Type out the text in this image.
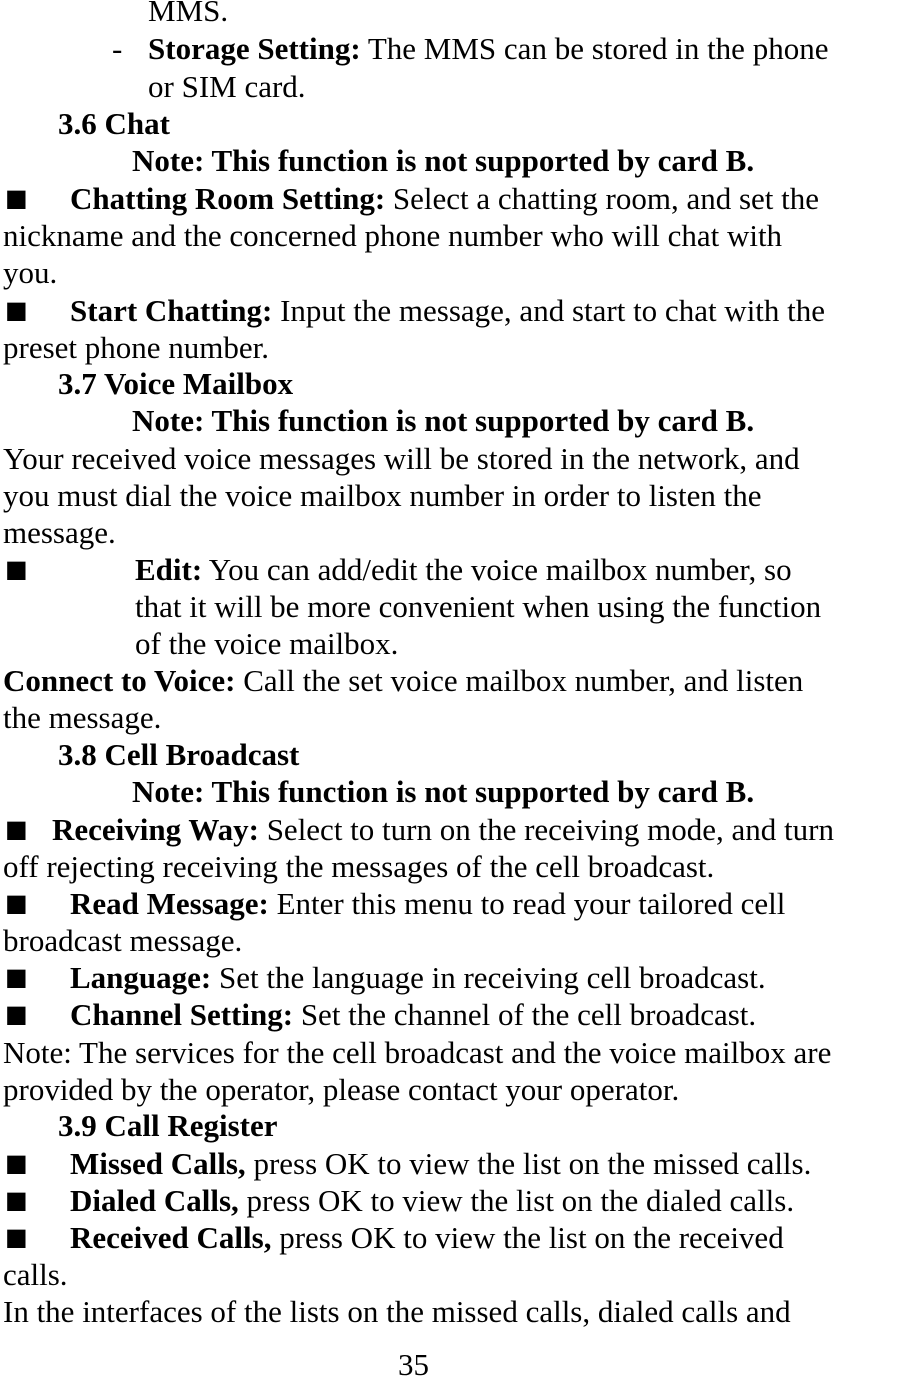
MMS.
- Storage Setting: The MMS can be stored in the phone
or SIM card.
3.6 Chat
Note: This function is not supported by card B.
■ Chatting Room Setting: Select a chatting room, and set the
nickname and the concerned phone number who will chat with
you.
■ Start Chatting: Input the message, and start to chat with the
preset phone number.
3.7 Voice Mailbox
Note: This function is not supported by card B.
Your received voice messages will be stored in the network, and
you must dial the voice mailbox number in order to listen the
message.
■	Edit: You can add/edit the voice mailbox number, so
that it will be more convenient when using the function
of the voice mailbox.
Connect to Voice: Call the set voice mailbox number, and listen
the message.
3.8 Cell Broadcast
Note: This function is not supported by card B.
■ Receiving Way: Select to turn on the receiving mode, and turn
off rejecting receiving the messages of the cell broadcast.
■ Read Message: Enter this menu to read your tailored cell
broadcast message.
■ Language: Set the language in receiving cell broadcast.
■ Channel Setting: Set the channel of the cell broadcast.
Note: The services for the cell broadcast and the voice mailbox are
provided by the operator, please contact your operator.
3.9 Call Register
■ Missed Calls, press OK to view the list on the missed calls.
■ Dialed Calls, press OK to view the list on the dialed calls.
■ Received Calls, press OK to view the list on the received
calls.
In the interfaces of the lists on the missed calls, dialed calls and
35
